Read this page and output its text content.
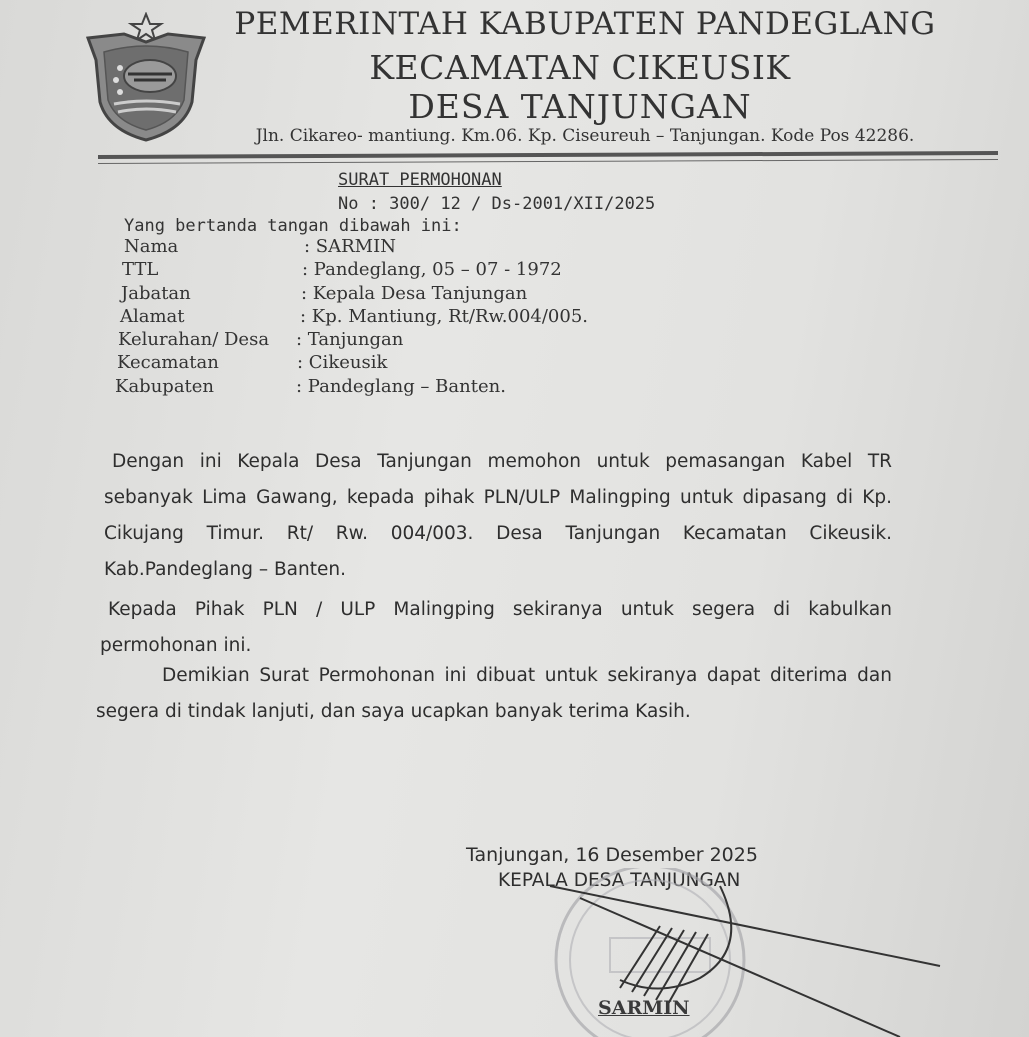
PEMERINTAH KABUPATEN PANDEGLANG
KECAMATAN CIKEUSIK
DESA TANJUNGAN
Jln. Cikareo- mantiung. Km.06. Kp. Ciseureuh – Tanjungan. Kode Pos 42286.
SURAT PERMOHONAN
No : 300/ 12 / Ds-2001/XII/2025
Yang bertanda tangan dibawah ini:
Nama	: SARMIN
TTL	: Pandeglang, 05 – 07 - 1972
Jabatan	: Kepala Desa Tanjungan
Alamat	: Kp. Mantiung, Rt/Rw.004/005.
Kelurahan/ Desa : Tanjungan
Kecamatan	: Cikeusik
Kabupaten	: Pandeglang – Banten.
Dengan ini Kepala Desa Tanjungan memohon untuk pemasangan Kabel TR sebanyak Lima Gawang, kepada pihak PLN/ULP Malingping untuk dipasang di Kp. Cikujang Timur. Rt/ Rw. 004/003. Desa Tanjungan Kecamatan Cikeusik. Kab.Pandeglang – Banten.
Kepada Pihak PLN / ULP Malingping sekiranya untuk segera di kabulkan permohonan ini.
Demikian Surat Permohonan ini dibuat untuk sekiranya dapat diterima dan segera di tindak lanjuti, dan saya ucapkan banyak terima Kasih.
Tanjungan, 16 Desember 2025
KEPALA DESA TANJUNGAN
SARMIN
